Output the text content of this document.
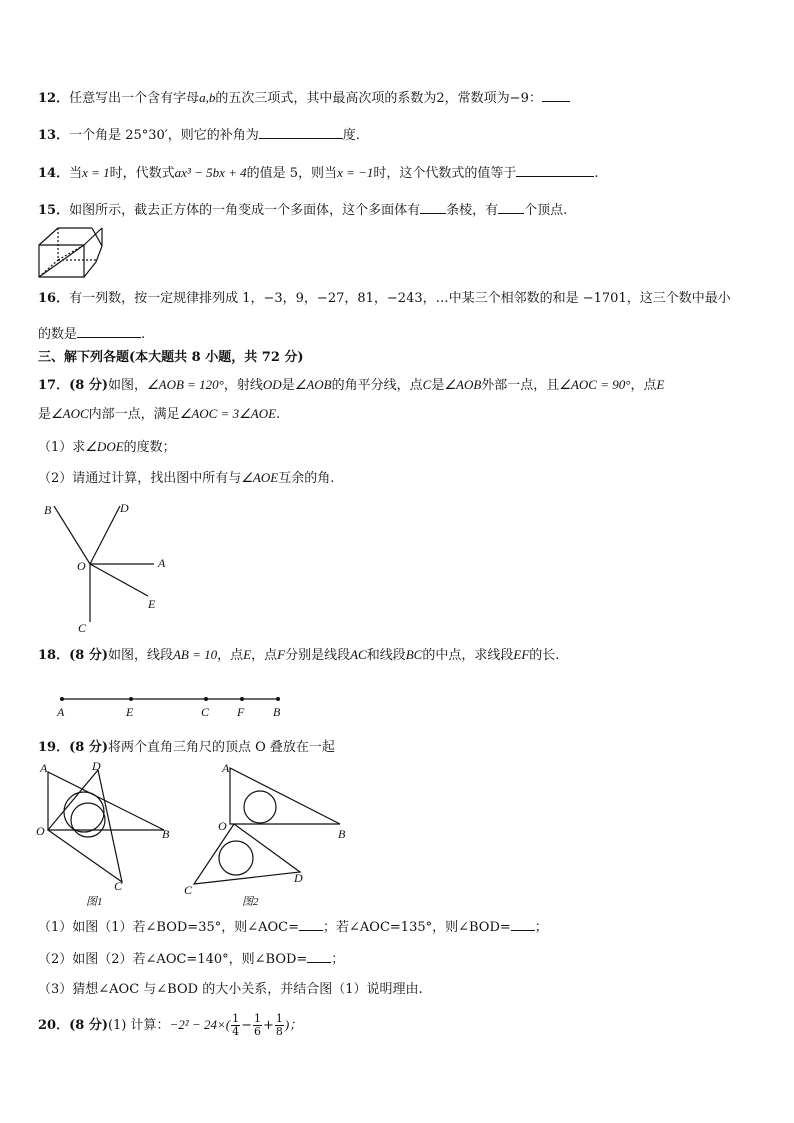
12．任意写出一个含有字母a,b的五次三项式，其中最高次项的系数为2，常数项为−9：
13．一个角是 25°30′，则它的补角为	度.
14．当x = 1时，代数式ax³ − 5bx + 4的值是 5，则当x = −1时，这个代数式的值等于	.
15．如图所示，截去正方体的一角变成一个多面体，这个多面体有 条棱，有 个顶点.
16．有一列数，按一定规律排列成 1，−3，9，−27，81，−243，…中某三个相邻数的和是 −1701，这三个数中最小
的数是	.
三、解下列各题(本大题共 8 小题，共 72 分)
17．(8 分)如图，∠AOB = 120°，射线OD是∠AOB的角平分线，点C是∠AOB外部一点，且∠AOC = 90°，点E
是∠AOC内部一点，满足∠AOC = 3∠AOE.
（1）求∠DOE的度数；
（2）请通过计算，找出图中所有与∠AOE互余的角.
B	D
A
O
E
C
18．(8 分)如图，线段AB = 10，点E，点F分别是线段AC和线段BC的中点，求线段EF的长.
A	E	C F B
19．(8 分)将两个直角三角尺的顶点 O 叠放在一起
A	D
O	B
C
图1
A
O
B
C
D
图2
（1）如图（1）若∠BOD=35°，则∠AOC= ；若∠AOC=135°，则∠BOD= ；
（2）如图（2）若∠AOC=140°，则∠BOD= ；
（3）猜想∠AOC 与∠BOD 的大小关系，并结合图（1）说明理由.
20．(8 分)(1) 计算：$-2^2 - 24\times( \frac{1}{4} - \frac{1}{6} + \frac{1}{8}$ )；
